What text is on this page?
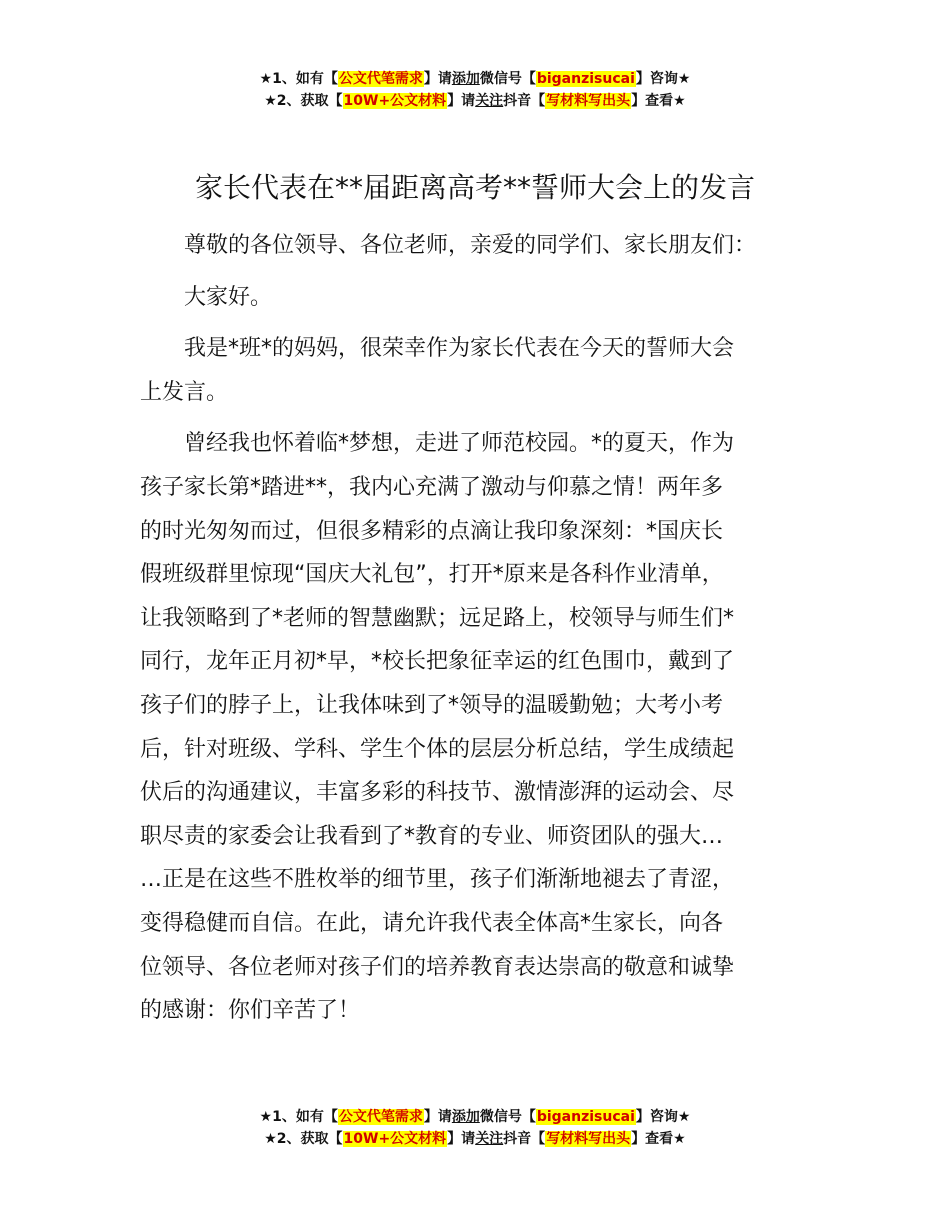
★1、如有【公文代笔需求】请添加微信号【biganzisucai】咨询★
★2、获取【10W+公文材料】请关注抖音【写材料写出头】查看★
家长代表在**届距离高考**誓师大会上的发言

尊敬的各位领导、各位老师，亲爱的同学们、家长朋友们：

大家好。

我是*班*的妈妈，很荣幸作为家长代表在今天的誓师大会
上发言。

曾经我也怀着临*梦想，走进了师范校园。*的夏天，作为
孩子家长第*踏进**，我内心充满了激动与仰慕之情！两年多
的时光匆匆而过，但很多精彩的点滴让我印象深刻：*国庆长
假班级群里惊现“国庆大礼包”，打开*原来是各科作业清单，
让我领略到了*老师的智慧幽默；远足路上，校领导与师生们*
同行，龙年正月初*早，*校长把象征幸运的红色围巾，戴到了
孩子们的脖子上，让我体味到了*领导的温暖勤勉；大考小考
后，针对班级、学科、学生个体的层层分析总结，学生成绩起
伏后的沟通建议，丰富多彩的科技节、激情澎湃的运动会、尽
职尽责的家委会让我看到了*教育的专业、师资团队的强大…
…正是在这些不胜枚举的细节里，孩子们渐渐地褪去了青涩，
变得稳健而自信。在此，请允许我代表全体高*生家长，向各
位领导、各位老师对孩子们的培养教育表达崇高的敬意和诚挚
的感谢：你们辛苦了！

★1、如有【公文代笔需求】请添加微信号【biganzisucai】咨询★
★2、获取【10W+公文材料】请关注抖音【写材料写出头】查看★
